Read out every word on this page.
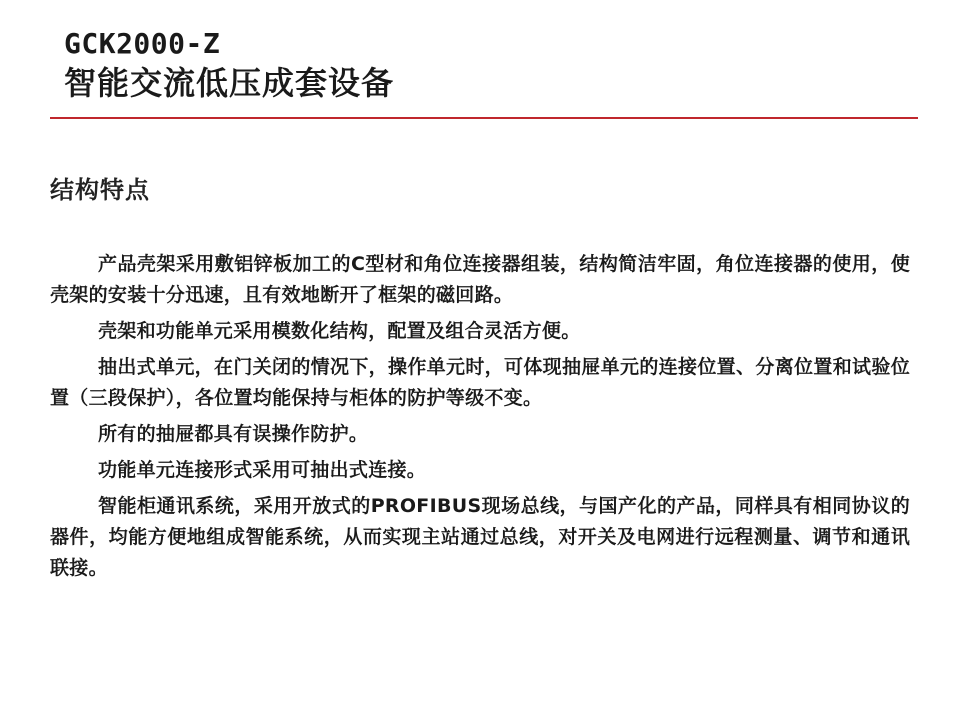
GCK2000-Z
智能交流低压成套设备
结构特点

产品壳架采用敷铝锌板加工的C型材和角位连接器组装，结构简洁牢固，角位连接器的使用，使壳架的安装十分迅速，且有效地断开了框架的磁回路。

壳架和功能单元采用模数化结构，配置及组合灵活方便。

抽出式单元，在门关闭的情况下，操作单元时，可体现抽屉单元的连接位置、分离位置和试验位置（三段保护），各位置均能保持与柜体的防护等级不变。

所有的抽屉都具有误操作防护。

功能单元连接形式采用可抽出式连接。

智能柜通讯系统，采用开放式的PROFIBUS现场总线，与国产化的产品，同样具有相同协议的器件，均能方便地组成智能系统，从而实现主站通过总线，对开关及电网进行远程测量、调节和通讯联接。
